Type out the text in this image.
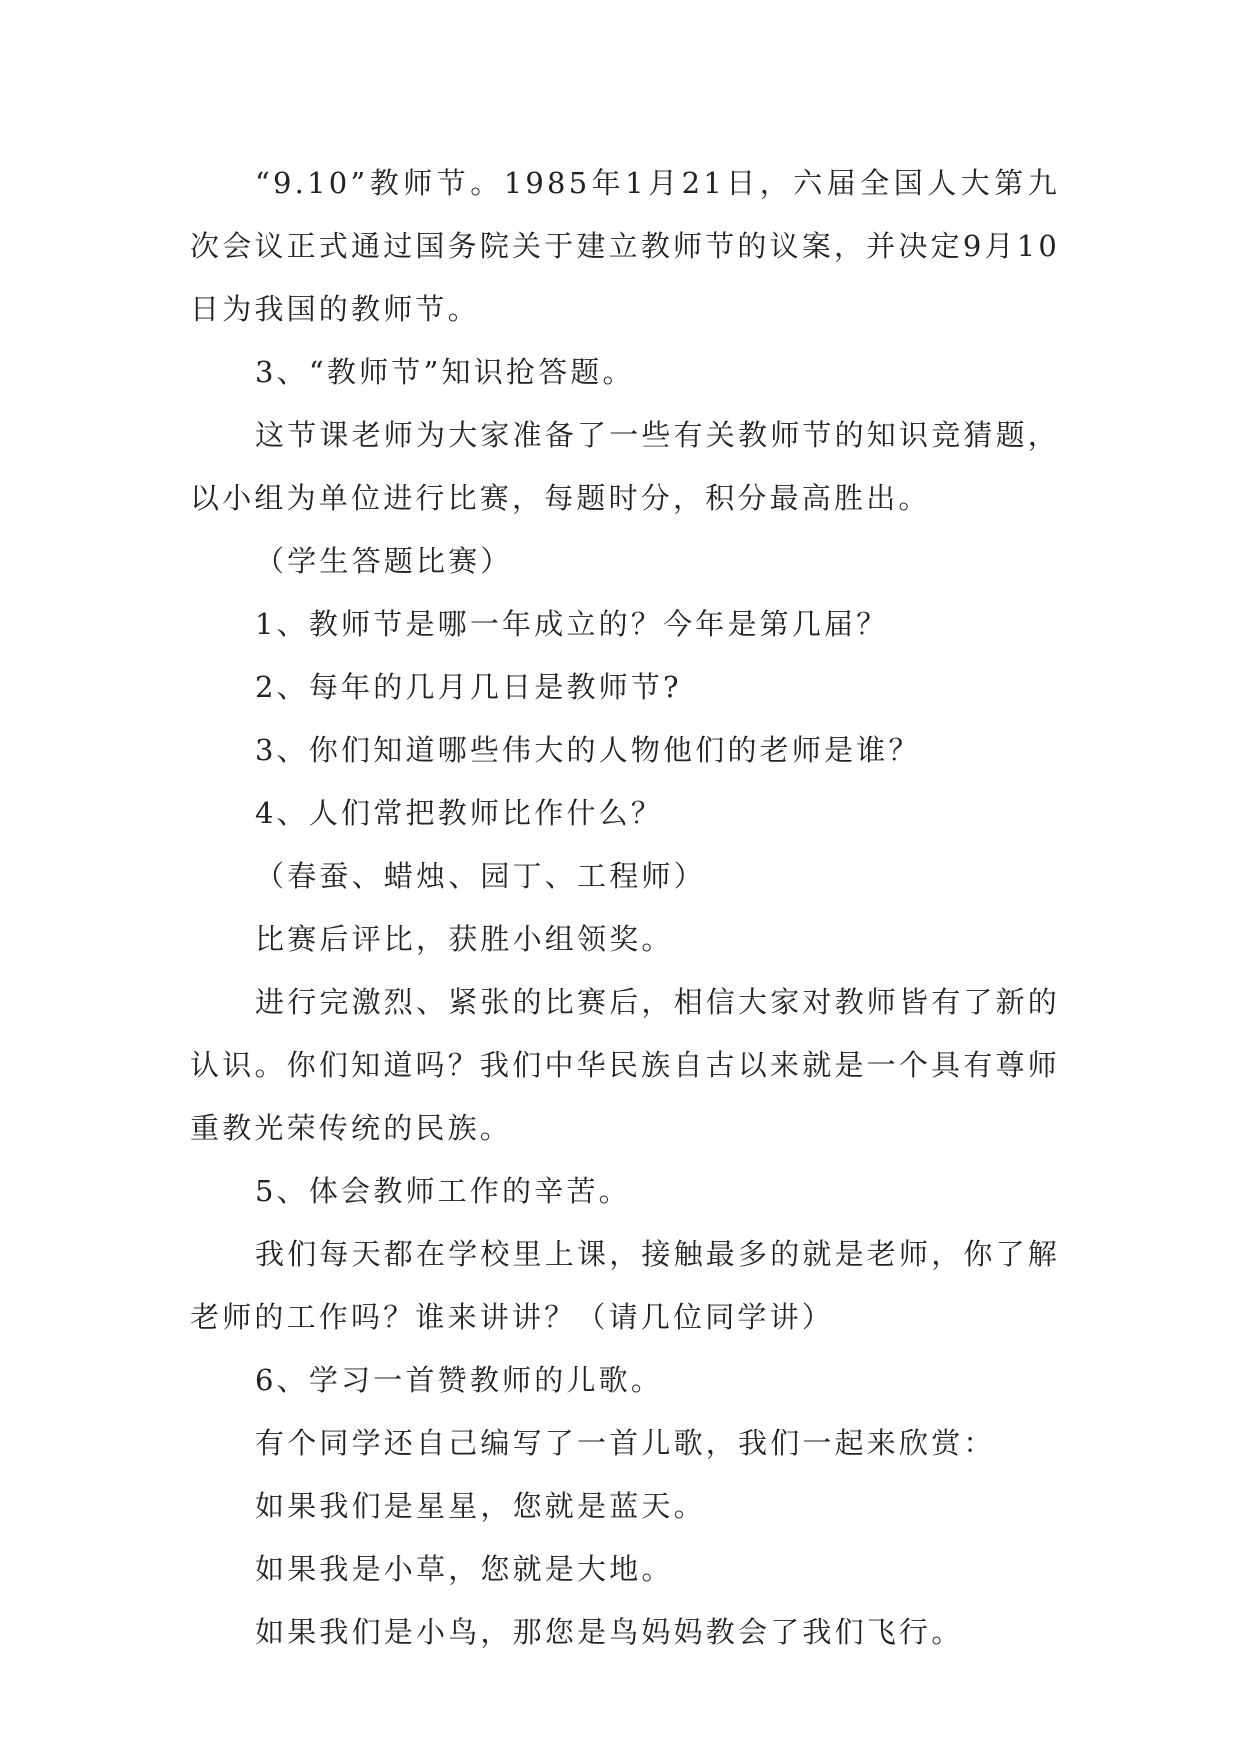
“9.10”教师节。1985年1月21日，六届全国人大第九次会议正式通过国务院关于建立教师节的议案，并决定9月10日为我国的教师节。

3、“教师节”知识抢答题。

这节课老师为大家准备了一些有关教师节的知识竞猜题，以小组为单位进行比赛，每题时分，积分最高胜出。

（学生答题比赛）

1、教师节是哪一年成立的？今年是第几届？

2、每年的几月几日是教师节?

3、你们知道哪些伟大的人物他们的老师是谁？

4、人们常把教师比作什么？

（春蚕、蜡烛、园丁、工程师）

比赛后评比，获胜小组领奖。

进行完激烈、紧张的比赛后，相信大家对教师皆有了新的认识。你们知道吗？我们中华民族自古以来就是一个具有尊师重教光荣传统的民族。

5、体会教师工作的辛苦。

我们每天都在学校里上课，接触最多的就是老师，你了解老师的工作吗？谁来讲讲？（请几位同学讲）

6、学习一首赞教师的儿歌。

有个同学还自己编写了一首儿歌，我们一起来欣赏：

如果我们是星星，您就是蓝天。

如果我是小草，您就是大地。

如果我们是小鸟，那您是鸟妈妈教会了我们飞行。
